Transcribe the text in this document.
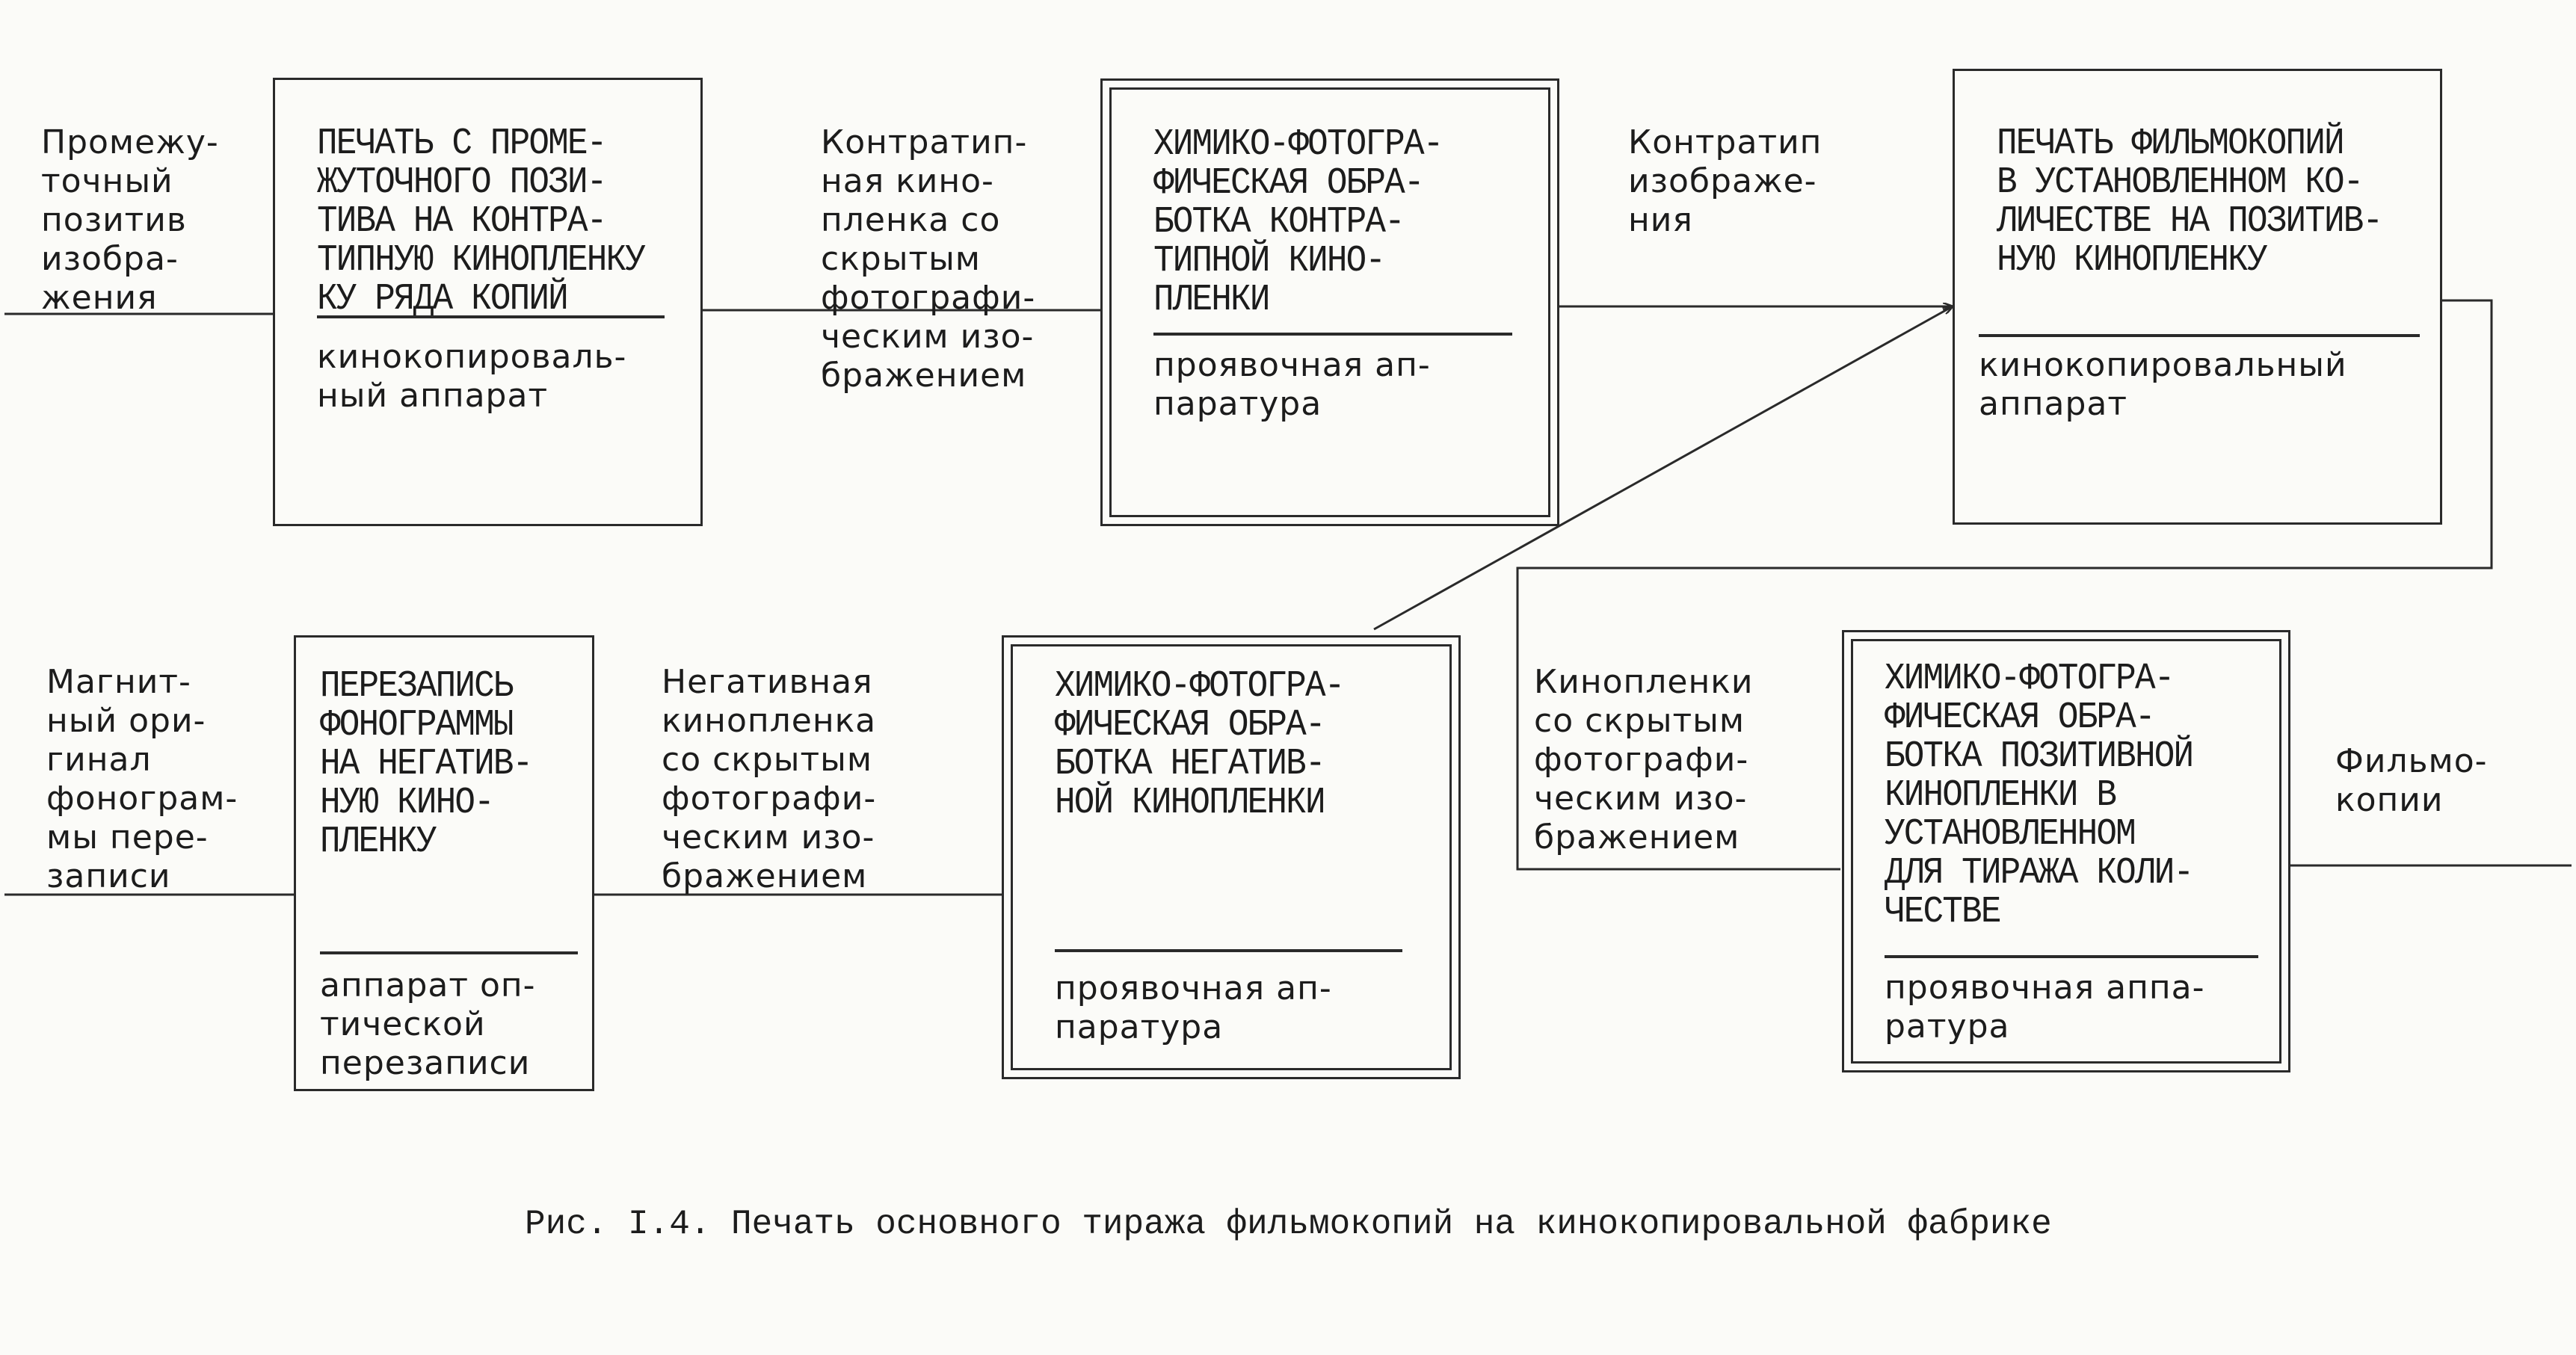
ПЕЧАТЬ С ПРОМЕ-
ЖУТОЧНОГО ПОЗИ-
ТИВА НА КОНТРА-
ТИПНУЮ КИНОПЛЕНКУ
КУ РЯДА КОПИЙ
кинокопироваль-
ный аппарат
ХИМИКО-ФОТОГРА-
ФИЧЕСКАЯ ОБРА-
БОТКА КОНТРА-
ТИПНОЙ КИНО-
ПЛЕНКИ
проявочная ап-
паратура
ПЕЧАТЬ ФИЛЬМОКОПИЙ
В УСТАНОВЛЕННОМ КО-
ЛИЧЕСТВЕ НА ПОЗИТИВ-
НУЮ КИНОПЛЕНКУ
кинокопировальный
аппарат
ПЕРЕЗАПИСЬ
ФОНОГРАММЫ
НА НЕГАТИВ-
НУЮ КИНО-
ПЛЕНКУ
аппарат оп-
тической
перезаписи
ХИМИКО-ФОТОГРА-
ФИЧЕСКАЯ ОБРА-
БОТКА НЕГАТИВ-
НОЙ КИНОПЛЕНКИ
проявочная ап-
паратура
ХИМИКО-ФОТОГРА-
ФИЧЕСКАЯ ОБРА-
БОТКА ПОЗИТИВНОЙ
КИНОПЛЕНКИ В
УСТАНОВЛЕННОМ
ДЛЯ ТИРАЖА КОЛИ-
ЧЕСТВЕ
проявочная аппа-
ратура
Промежу-
точный
позитив
изобра-
жения
Контратип-
ная кино-
пленка со
скрытым
фотографи-
ческим изо-
бражением
Контратип
изображе-
ния
Магнит-
ный ори-
гинал
фонограм-
мы пере-
записи
Негативная
кинопленка
со скрытым
фотографи-
ческим изо-
бражением
Кинопленки
со скрытым
фотографи-
ческим изо-
бражением
Фильмо-
копии
Рис. I.4. Печать основного тиража фильмокопий на кинокопировальной фабрике
